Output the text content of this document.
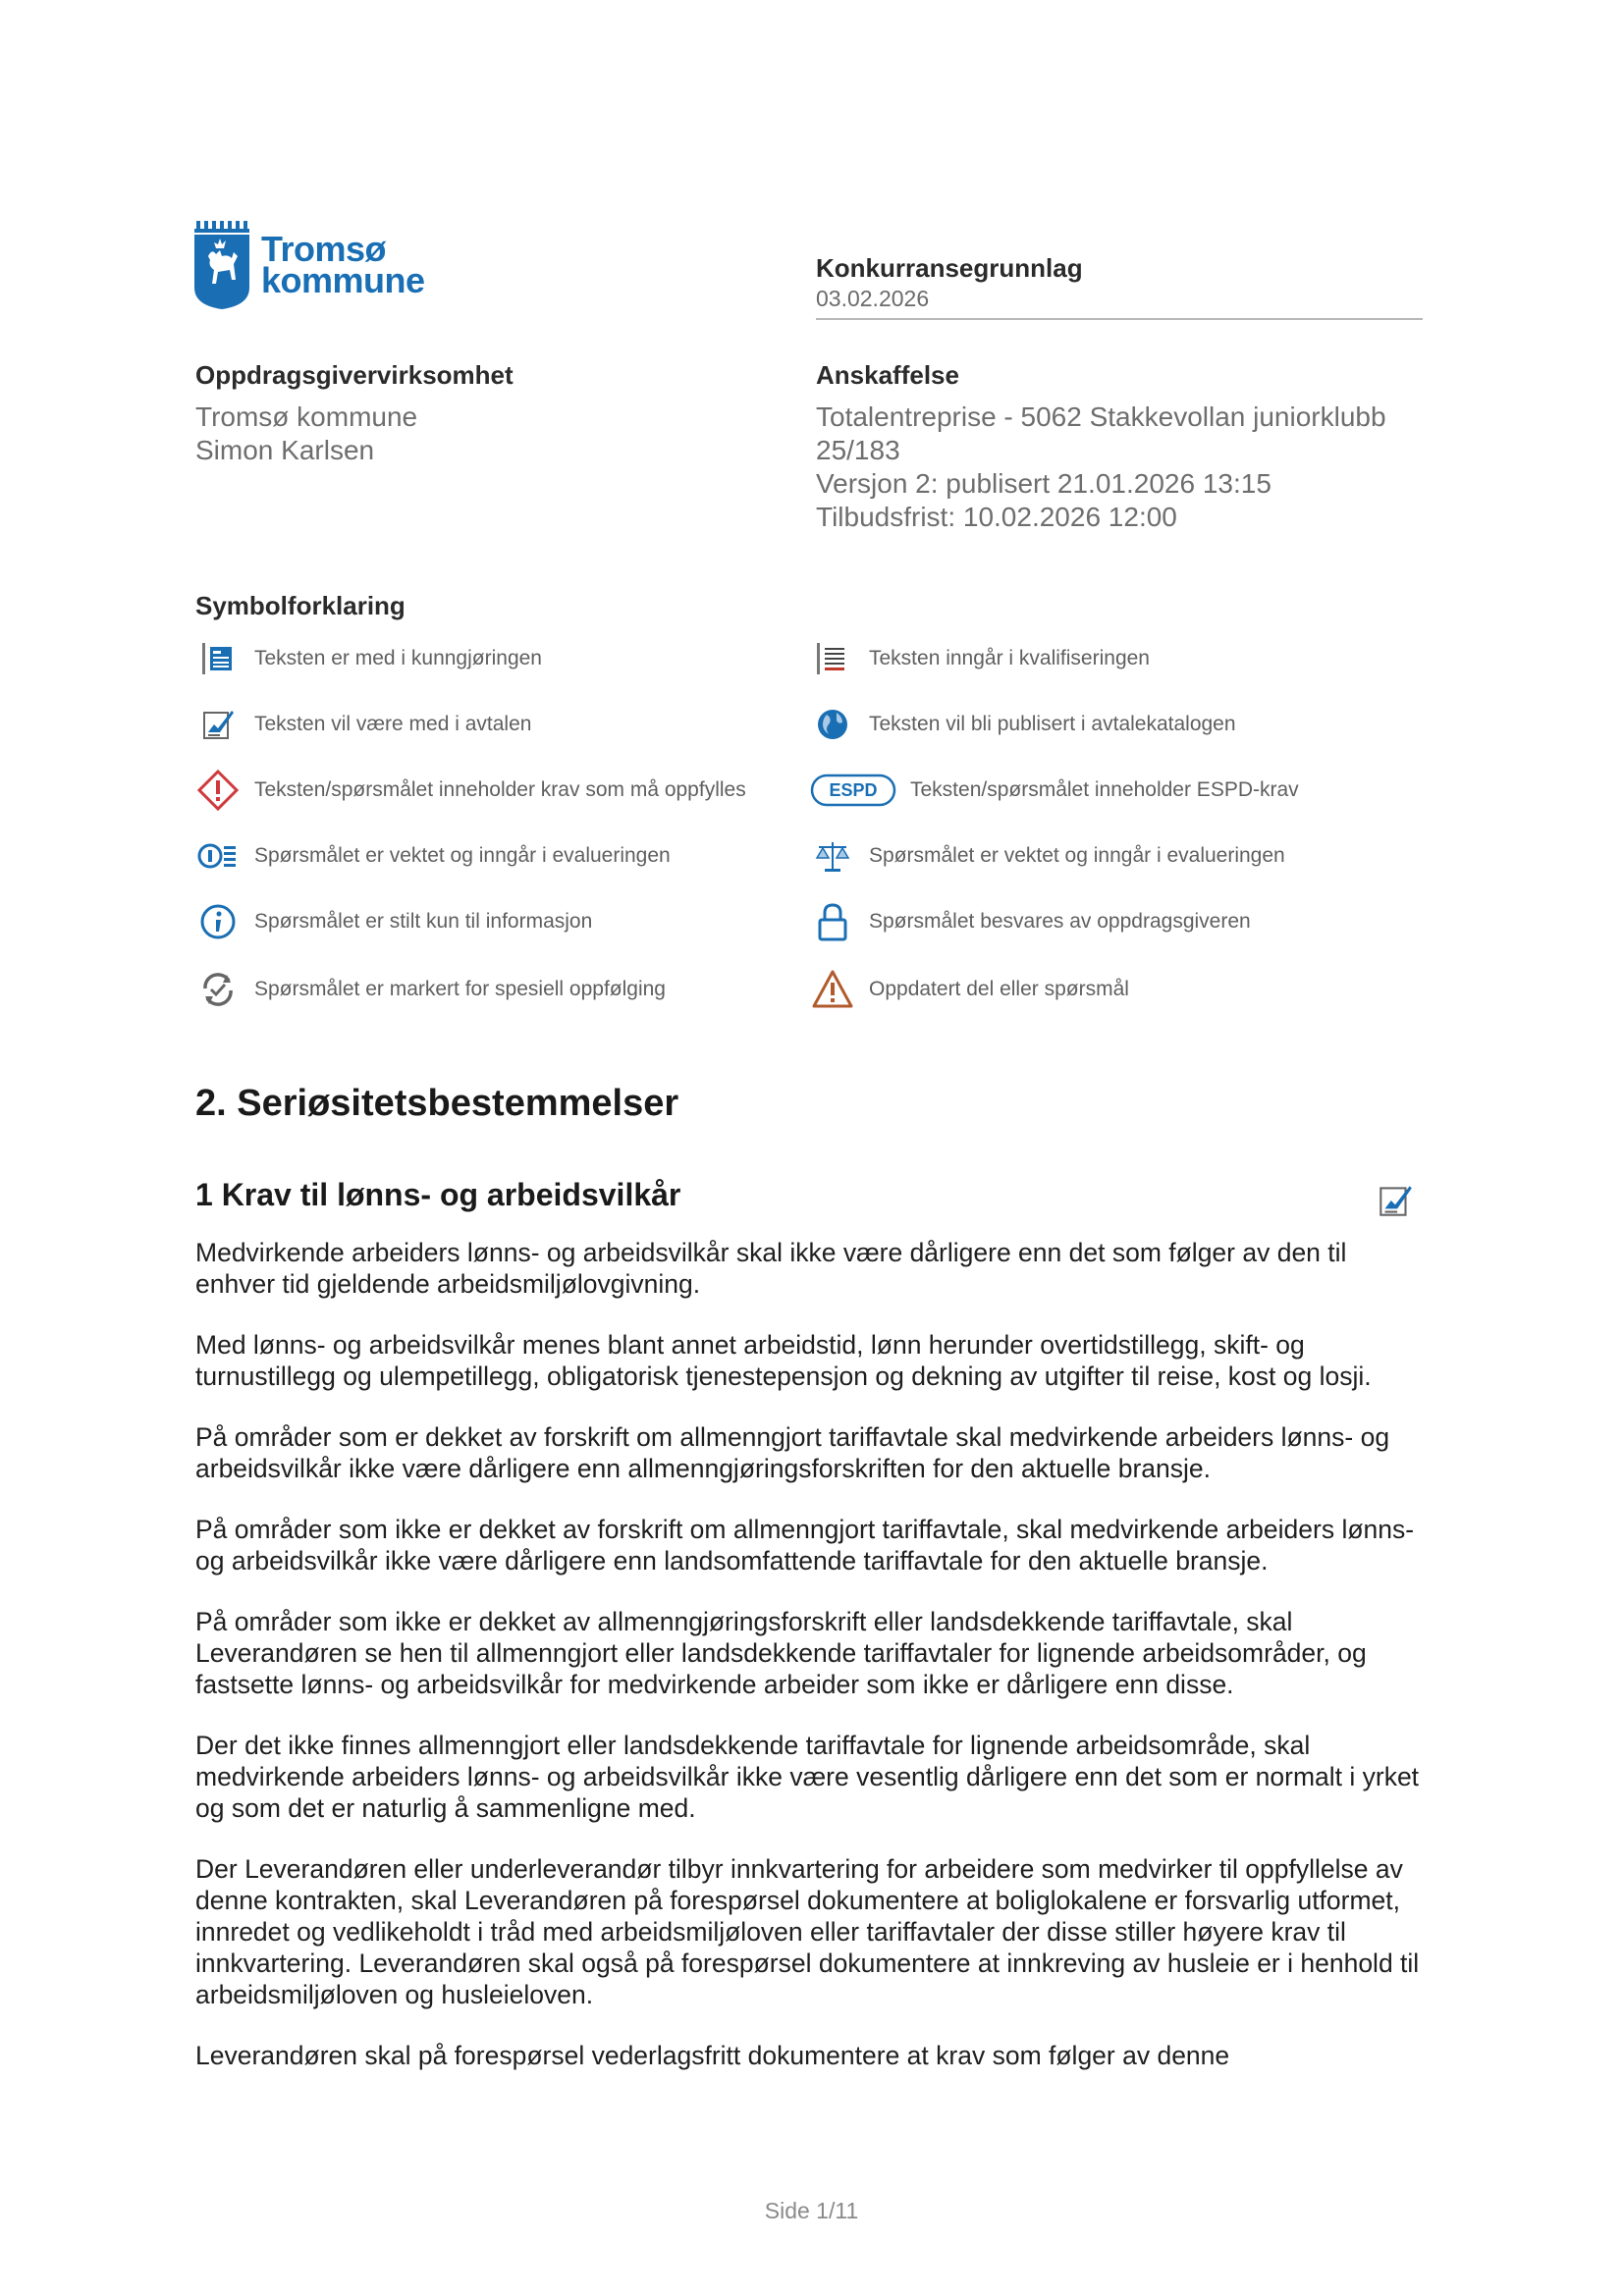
Tromsø
kommune	Konkurransegrunnlag
03.02.2026
Oppdragsgivervirksomhet
Tromsø kommune
Simon Karlsen
Anskaffelse
Totalentreprise - 5062 Stakkevollan juniorklubb
25/183
Versjon 2: publisert 21.01.2026 13:15
Tilbudsfrist: 10.02.2026 12:00
Symbolforklaring
Teksten er med i kunngjøringen	Teksten inngår i kvalifiseringen
Teksten vil være med i avtalen	Teksten vil bli publisert i avtalekatalogen
Teksten/spørsmålet inneholder krav som må oppfylles	ESPD Teksten/spørsmålet inneholder ESPD-krav
Spørsmålet er vektet og inngår i evalueringen	Spørsmålet er vektet og inngår i evalueringen
Spørsmålet er stilt kun til informasjon	Spørsmålet besvares av oppdragsgiveren
Spørsmålet er markert for spesiell oppfølging	Oppdatert del eller spørsmål
2. Seriøsitetsbestemmelser
1 Krav til lønns- og arbeidsvilkår

Medvirkende arbeiders lønns- og arbeidsvilkår skal ikke være dårligere enn det som følger av den til enhver tid gjeldende arbeidsmiljølovgivning.

Med lønns- og arbeidsvilkår menes blant annet arbeidstid, lønn herunder overtidstillegg, skift- og turnustillegg og ulempetillegg, obligatorisk tjenestepensjon og dekning av utgifter til reise, kost og losji.

På områder som er dekket av forskrift om allmenngjort tariffavtale skal medvirkende arbeiders lønns- og arbeidsvilkår ikke være dårligere enn allmenngjøringsforskriften for den aktuelle bransje.

På områder som ikke er dekket av forskrift om allmenngjort tariffavtale, skal medvirkende arbeiders lønns- og arbeidsvilkår ikke være dårligere enn landsomfattende tariffavtale for den aktuelle bransje.

På områder som ikke er dekket av allmenngjøringsforskrift eller landsdekkende tariffavtale, skal Leverandøren se hen til allmenngjort eller landsdekkende tariffavtaler for lignende arbeidsområder, og fastsette lønns- og arbeidsvilkår for medvirkende arbeider som ikke er dårligere enn disse.

Der det ikke finnes allmenngjort eller landsdekkende tariffavtale for lignende arbeidsområde, skal medvirkende arbeiders lønns- og arbeidsvilkår ikke være vesentlig dårligere enn det som er normalt i yrket og som det er naturlig å sammenligne med.

Der Leverandøren eller underleverandør tilbyr innkvartering for arbeidere som medvirker til oppfyllelse av denne kontrakten, skal Leverandøren på forespørsel dokumentere at boliglokalene er forsvarlig utformet, innredet og vedlikeholdt i tråd med arbeidsmiljøloven eller tariffavtaler der disse stiller høyere krav til innkvartering. Leverandøren skal også på forespørsel dokumentere at innkreving av husleie er i henhold til arbeidsmiljøloven og husleieloven.

Leverandøren skal på forespørsel vederlagsfritt dokumentere at krav som følger av denne

Side 1/11
